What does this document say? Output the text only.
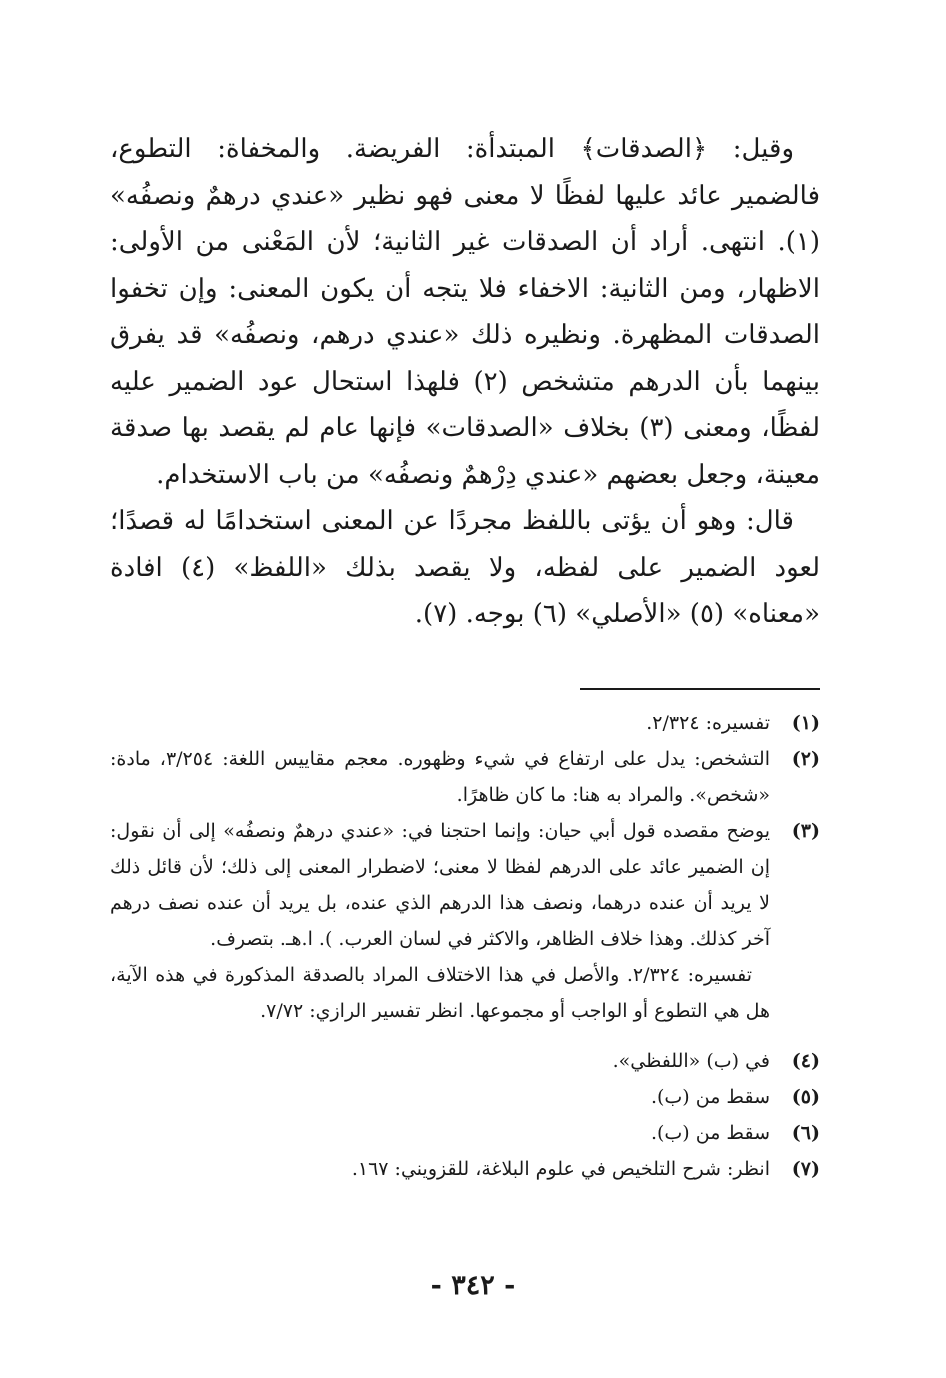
وقيل: ﴿الصدقات﴾ المبتدأة: الفريضة. والمخفاة: التطوع، فالضمير عائد عليها لفظًا لا معنى فهو نظير «عندي درهمٌ ونصفُه» (١). انتهى. أراد أن الصدقات غير الثانية؛ لأن المَعْنى من الأولى: الاظهار، ومن الثانية: الاخفاء فلا يتجه أن يكون المعنى: وإن تخفوا الصدقات المظهرة. ونظيره ذلك «عندي درهم، ونصفُه» قد يفرق بينهما بأن الدرهم متشخص (٢) فلهذا استحال عود الضمير عليه لفظًا، ومعنى (٣) بخلاف «الصدقات» فإنها عام لم يقصد بها صدقة معينة، وجعل بعضهم «عندي دِرْهمٌ ونصفُه» من باب الاستخدام.

قال: وهو أن يؤتى باللفظ مجردًا عن المعنى استخدامًا له قصدًا؛ لعود الضمير على لفظه، ولا يقصد بذلك «اللفظ» (٤) افادة «معناه» (٥) «الأصلي» (٦) بوجه. (٧).

(١)
تفسيره: ٢/٣٢٤.
(٢)
التشخص: يدل على ارتفاع في شيء وظهوره. معجم مقاييس اللغة: ٣/٢٥٤، مادة: «شخص». والمراد به هنا: ما كان ظاهرًا.
(٣)
يوضح مقصده قول أبي حيان: وإنما احتجنا في: «عندي درهمٌ ونصفُه» إلى أن نقول: إن الضمير عائد على الدرهم لفظا لا معنى؛ لاضطرار المعنى إلى ذلك؛ لأن قائل ذلك لا يريد أن عنده درهما، ونصف هذا الدرهم الذي عنده، بل يريد أن عنده نصف درهم آخر كذلك. وهذا خلاف الظاهر، والاكثر في لسان العرب. ). ا.هـ. بتصرف.
تفسيره: ٢/٣٢٤. والأصل في هذا الاختلاف المراد بالصدقة المذكورة في هذه الآية، هل هي التطوع أو الواجب أو مجموعها. انظر تفسير الرازي: ٧/٧٢.
(٤)
في (ب) «اللفظي».
(٥)
سقط من (ب).
(٦)
سقط من (ب).
(٧)
انظر: شرح التلخيص في علوم البلاغة، للقزويني: ١٦٧.
- ٣٤٢ -
